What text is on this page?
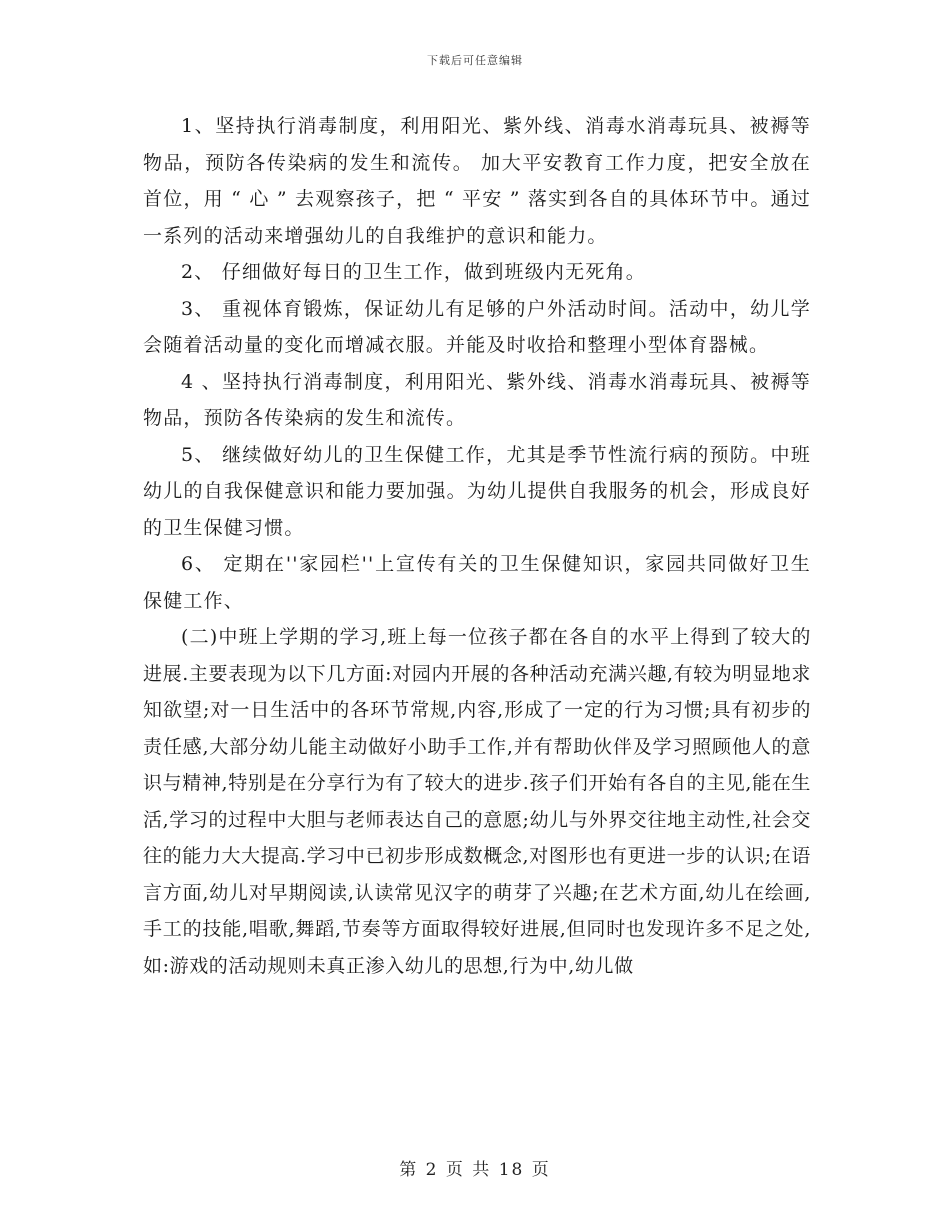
下载后可任意编辑

1、坚持执行消毒制度，利用阳光、紫外线、消毒水消毒玩具、被褥等物品，预防各传染病的发生和流传。 加大平安教育工作力度，把安全放在首位，用 “ 心 ” 去观察孩子，把 “ 平安 ” 落实到各自的具体环节中。通过一系列的活动来增强幼儿的自我维护的意识和能力。

2、 仔细做好每日的卫生工作，做到班级内无死角。

3、 重视体育锻炼，保证幼儿有足够的户外活动时间。活动中，幼儿学会随着活动量的变化而增减衣服。并能及时收拾和整理小型体育器械。

4 、坚持执行消毒制度，利用阳光、紫外线、消毒水消毒玩具、被褥等物品，预防各传染病的发生和流传。

5、 继续做好幼儿的卫生保健工作，尤其是季节性流行病的预防。中班幼儿的自我保健意识和能力要加强。为幼儿提供自我服务的机会，形成良好的卫生保健习惯。

6、 定期在''家园栏''上宣传有关的卫生保健知识，家园共同做好卫生保健工作、

(二)中班上学期的学习,班上每一位孩子都在各自的水平上得到了较大的进展.主要表现为以下几方面:对园内开展的各种活动充满兴趣,有较为明显地求知欲望;对一日生活中的各环节常规,内容,形成了一定的行为习惯;具有初步的责任感,大部分幼儿能主动做好小助手工作,并有帮助伙伴及学习照顾他人的意识与精神,特别是在分享行为有了较大的进步.孩子们开始有各自的主见,能在生活,学习的过程中大胆与老师表达自己的意愿;幼儿与外界交往地主动性,社会交往的能力大大提高.学习中已初步形成数概念,对图形也有更进一步的认识;在语言方面,幼儿对早期阅读,认读常见汉字的萌芽了兴趣;在艺术方面,幼儿在绘画,手工的技能,唱歌,舞蹈,节奏等方面取得较好进展,但同时也发现许多不足之处,如:游戏的活动规则未真正渗入幼儿的思想,行为中,幼儿做

第 2 页 共 18 页
